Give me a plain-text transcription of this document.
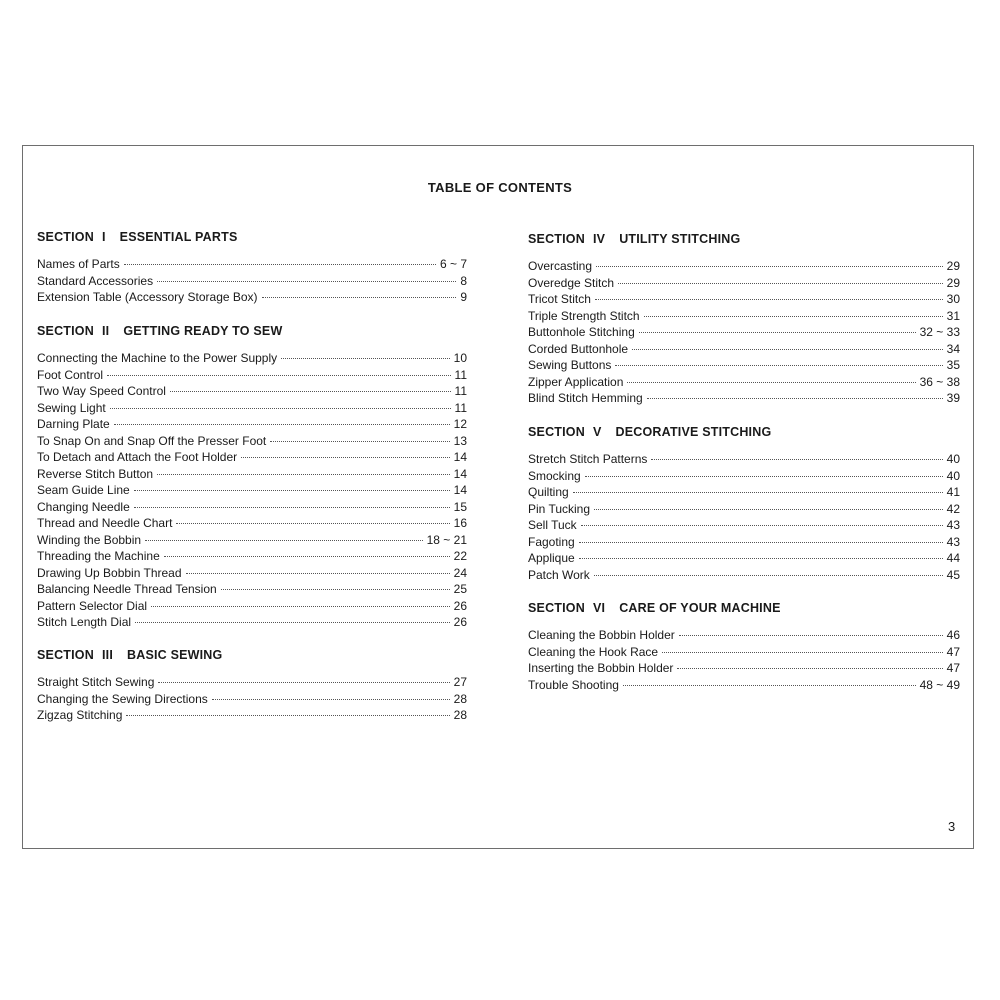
TABLE OF CONTENTS
SECTION I ESSENTIAL PARTS
Names of Parts	6 ~ 7
Standard Accessories	8
Extension Table (Accessory Storage Box)	9
SECTION II GETTING READY TO SEW
Connecting the Machine to the Power Supply	10
Foot Control	11
Two Way Speed Control	11
Sewing Light	11
Darning Plate	12
To Snap On and Snap Off the Presser Foot	13
To Detach and Attach the Foot Holder	14
Reverse Stitch Button	14
Seam Guide Line	14
Changing Needle	15
Thread and Needle Chart	16
Winding the Bobbin	18 ~ 21
Threading the Machine	22
Drawing Up Bobbin Thread	24
Balancing Needle Thread Tension	25
Pattern Selector Dial	26
Stitch Length Dial	26
SECTION III BASIC SEWING
Straight Stitch Sewing	27
Changing the Sewing Directions	28
Zigzag Stitching	28
SECTION IV UTILITY STITCHING
Overcasting	29
Overedge Stitch	29
Tricot Stitch	30
Triple Strength Stitch	31
Buttonhole Stitching	32 ~ 33
Corded Buttonhole	34
Sewing Buttons	35
Zipper Application	36 ~ 38
Blind Stitch Hemming	39
SECTION V DECORATIVE STITCHING
Stretch Stitch Patterns	40
Smocking	40
Quilting	41
Pin Tucking	42
Sell Tuck	43
Fagoting	43
Applique	44
Patch Work	45
SECTION VI CARE OF YOUR MACHINE
Cleaning the Bobbin Holder	46
Cleaning the Hook Race	47
Inserting the Bobbin Holder	47
Trouble Shooting	48 ~ 49
3
